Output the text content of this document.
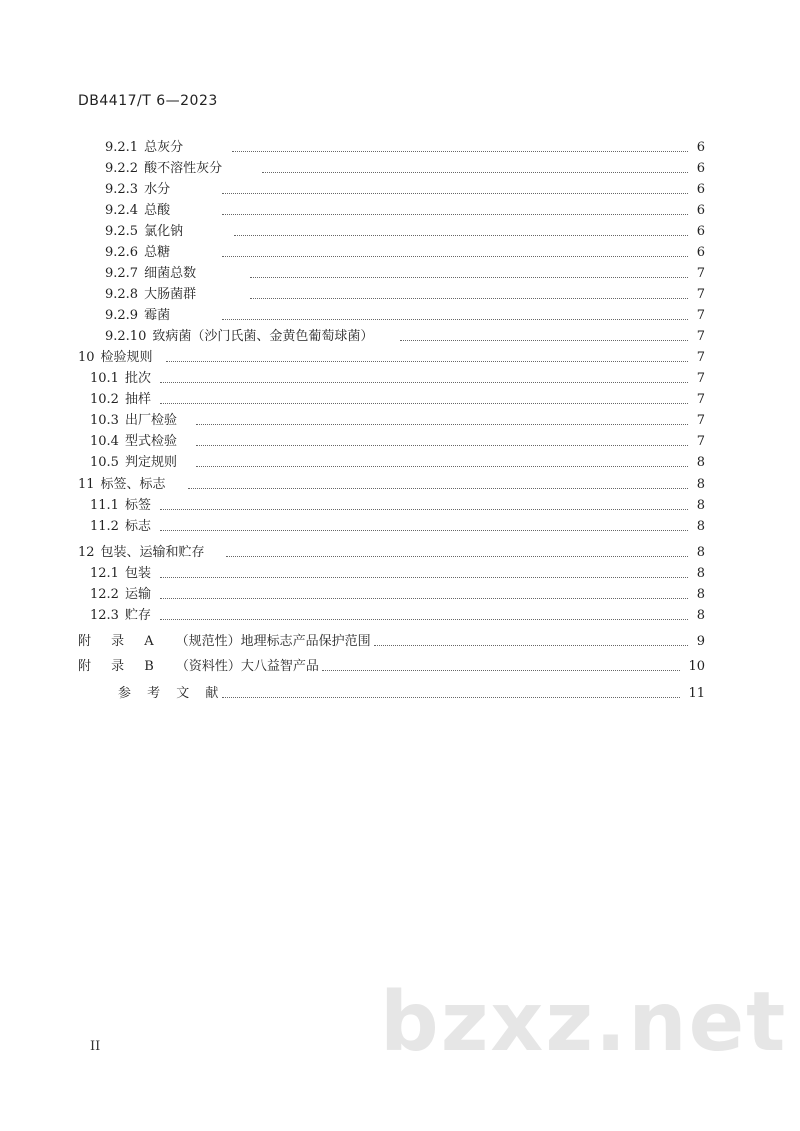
DB4417/T 6—2023
9.2.1 总灰分	6
9.2.2 酸不溶性灰分	6
9.2.3 水分	6
9.2.4 总酸	6
9.2.5 氯化钠	6
9.2.6 总糖	6
9.2.7 细菌总数	7
9.2.8 大肠菌群	7
9.2.9 霉菌	7
9.2.10 致病菌（沙门氏菌、金黄色葡萄球菌）	7
10 检验规则	7
10.1 批次	7
10.2 抽样	7
10.3 出厂检验	7
10.4 型式检验	7
10.5 判定规则	8
11 标签、标志	8
11.1 标签	8
11.2 标志	8
12 包装、运输和贮存	8
12.1 包装	8
12.2 运输	8
12.3 贮存	8
附 录 A （规范性）地理标志产品保护范围	9
附 录 B （资料性）大八益智产品	10
参 考 文 献	11
II	bzxz.net
